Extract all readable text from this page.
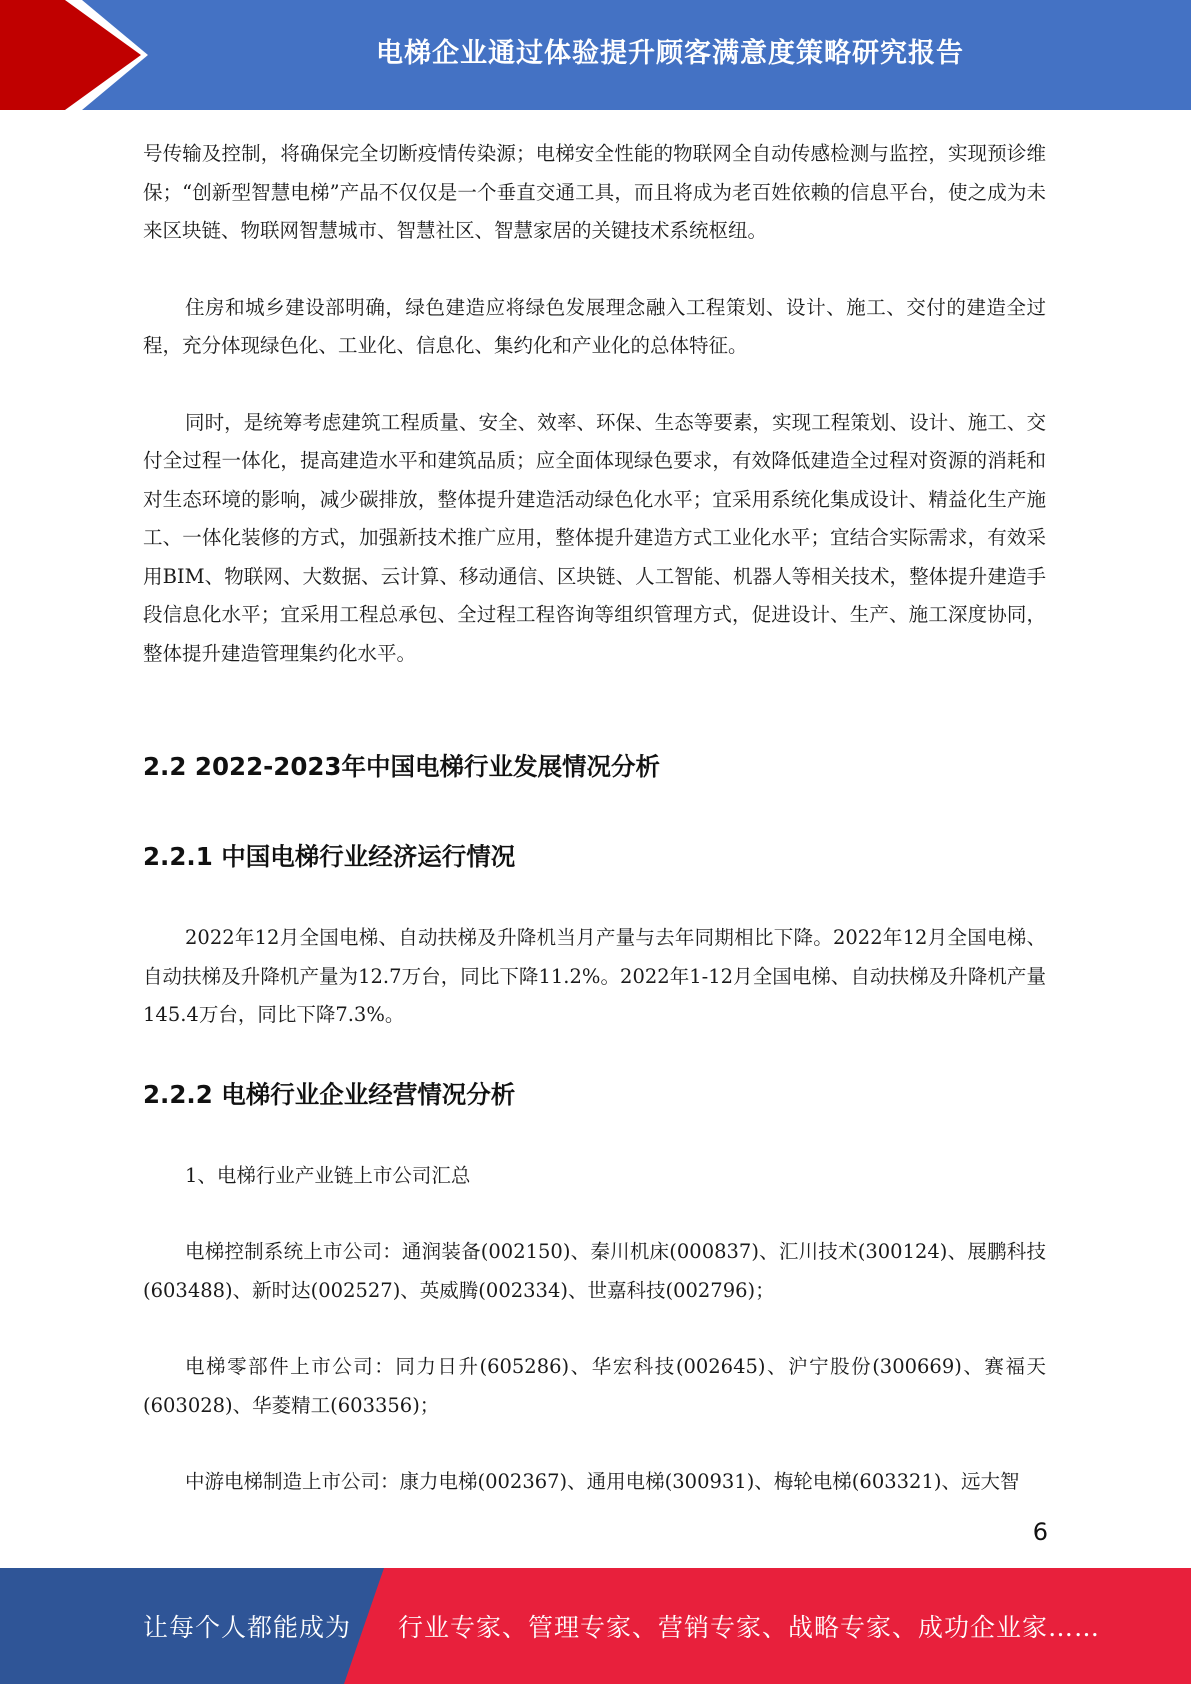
电梯企业通过体验提升顾客满意度策略研究报告

号传输及控制，将确保完全切断疫情传染源；电梯安全性能的物联网全自动传感检测与监控，实现预诊维保；“创新型智慧电梯”产品不仅仅是一个垂直交通工具，而且将成为老百姓依赖的信息平台，使之成为未来区块链、物联网智慧城市、智慧社区、智慧家居的关键技术系统枢纽。

住房和城乡建设部明确，绿色建造应将绿色发展理念融入工程策划、设计、施工、交付的建造全过程，充分体现绿色化、工业化、信息化、集约化和产业化的总体特征。

同时，是统筹考虑建筑工程质量、安全、效率、环保、生态等要素，实现工程策划、设计、施工、交付全过程一体化，提高建造水平和建筑品质；应全面体现绿色要求，有效降低建造全过程对资源的消耗和对生态环境的影响，减少碳排放，整体提升建造活动绿色化水平；宜采用系统化集成设计、精益化生产施工、一体化装修的方式，加强新技术推广应用，整体提升建造方式工业化水平；宜结合实际需求，有效采用BIM、物联网、大数据、云计算、移动通信、区块链、人工智能、机器人等相关技术，整体提升建造手段信息化水平；宜采用工程总承包、全过程工程咨询等组织管理方式，促进设计、生产、施工深度协同，整体提升建造管理集约化水平。

2.2 2022-2023年中国电梯行业发展情况分析
2.2.1 中国电梯行业经济运行情况

2022年12月全国电梯、自动扶梯及升降机当月产量与去年同期相比下降。2022年12月全国电梯、自动扶梯及升降机产量为12.7万台，同比下降11.2%。2022年1-12月全国电梯、自动扶梯及升降机产量145.4万台，同比下降7.3%。

2.2.2 电梯行业企业经营情况分析

1、电梯行业产业链上市公司汇总

电梯控制系统上市公司：通润装备(002150)、秦川机床(000837)、汇川技术(300124)、展鹏科技(603488)、新时达(002527)、英威腾(002334)、世嘉科技(002796)；

电梯零部件上市公司：同力日升(605286)、华宏科技(002645)、沪宁股份(300669)、赛福天(603028)、华菱精工(603356)；

中游电梯制造上市公司：康力电梯(002367)、通用电梯(300931)、梅轮电梯(603321)、远大智

6
让每个人都能成为 行业专家、管理专家、营销专家、战略专家、成功企业家……
